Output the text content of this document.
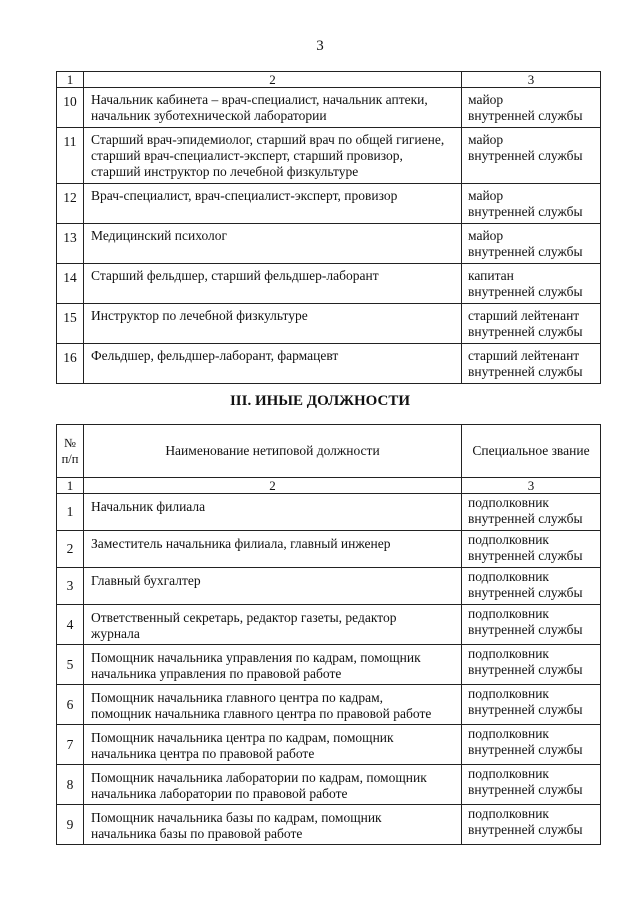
3
1	2	3
10	Начальник кабинета – врач-специалист, начальник аптеки,
начальник зуботехнической лаборатории	майор
внутренней службы

11	Старший врач-эпидемиолог, старший врач по общей гигиене,
старший врач-специалист-эксперт, старший провизор,
старший инструктор по лечебной физкультуре	майор
внутренней службы

12	Врач-специалист, врач-специалист-эксперт, провизор	майор
внутренней службы

13	Медицинский психолог	майор
внутренней службы

14	Старший фельдшер, старший фельдшер-лаборант	капитан
внутренней службы

15	Инструктор по лечебной физкультуре	старший лейтенант
внутренней службы

16	Фельдшер, фельдшер-лаборант, фармацевт	старший лейтенант
внутренней службы
III. ИНЫЕ ДОЛЖНОСТИ
№
п/п	Наименование нетиповой должности	Специальное звание
1	2	3
1	Начальник филиала	подполковник
внутренней службы

2	Заместитель начальника филиала, главный инженер	подполковник
внутренней службы

3	Главный бухгалтер	подполковник
внутренней службы

4	Ответственный секретарь, редактор газеты, редактор
журнала	подполковник
внутренней службы

5	Помощник начальника управления по кадрам, помощник
начальника управления по правовой работе	подполковник
внутренней службы

6	Помощник начальника главного центра по кадрам,
помощник начальника главного центра по правовой работе	подполковник
внутренней службы

7	Помощник начальника центра по кадрам, помощник
начальника центра по правовой работе	подполковник
внутренней службы

8	Помощник начальника лаборатории по кадрам, помощник
начальника лаборатории по правовой работе	подполковник
внутренней службы

9	Помощник начальника базы по кадрам, помощник
начальника базы по правовой работе	подполковник
внутренней службы
